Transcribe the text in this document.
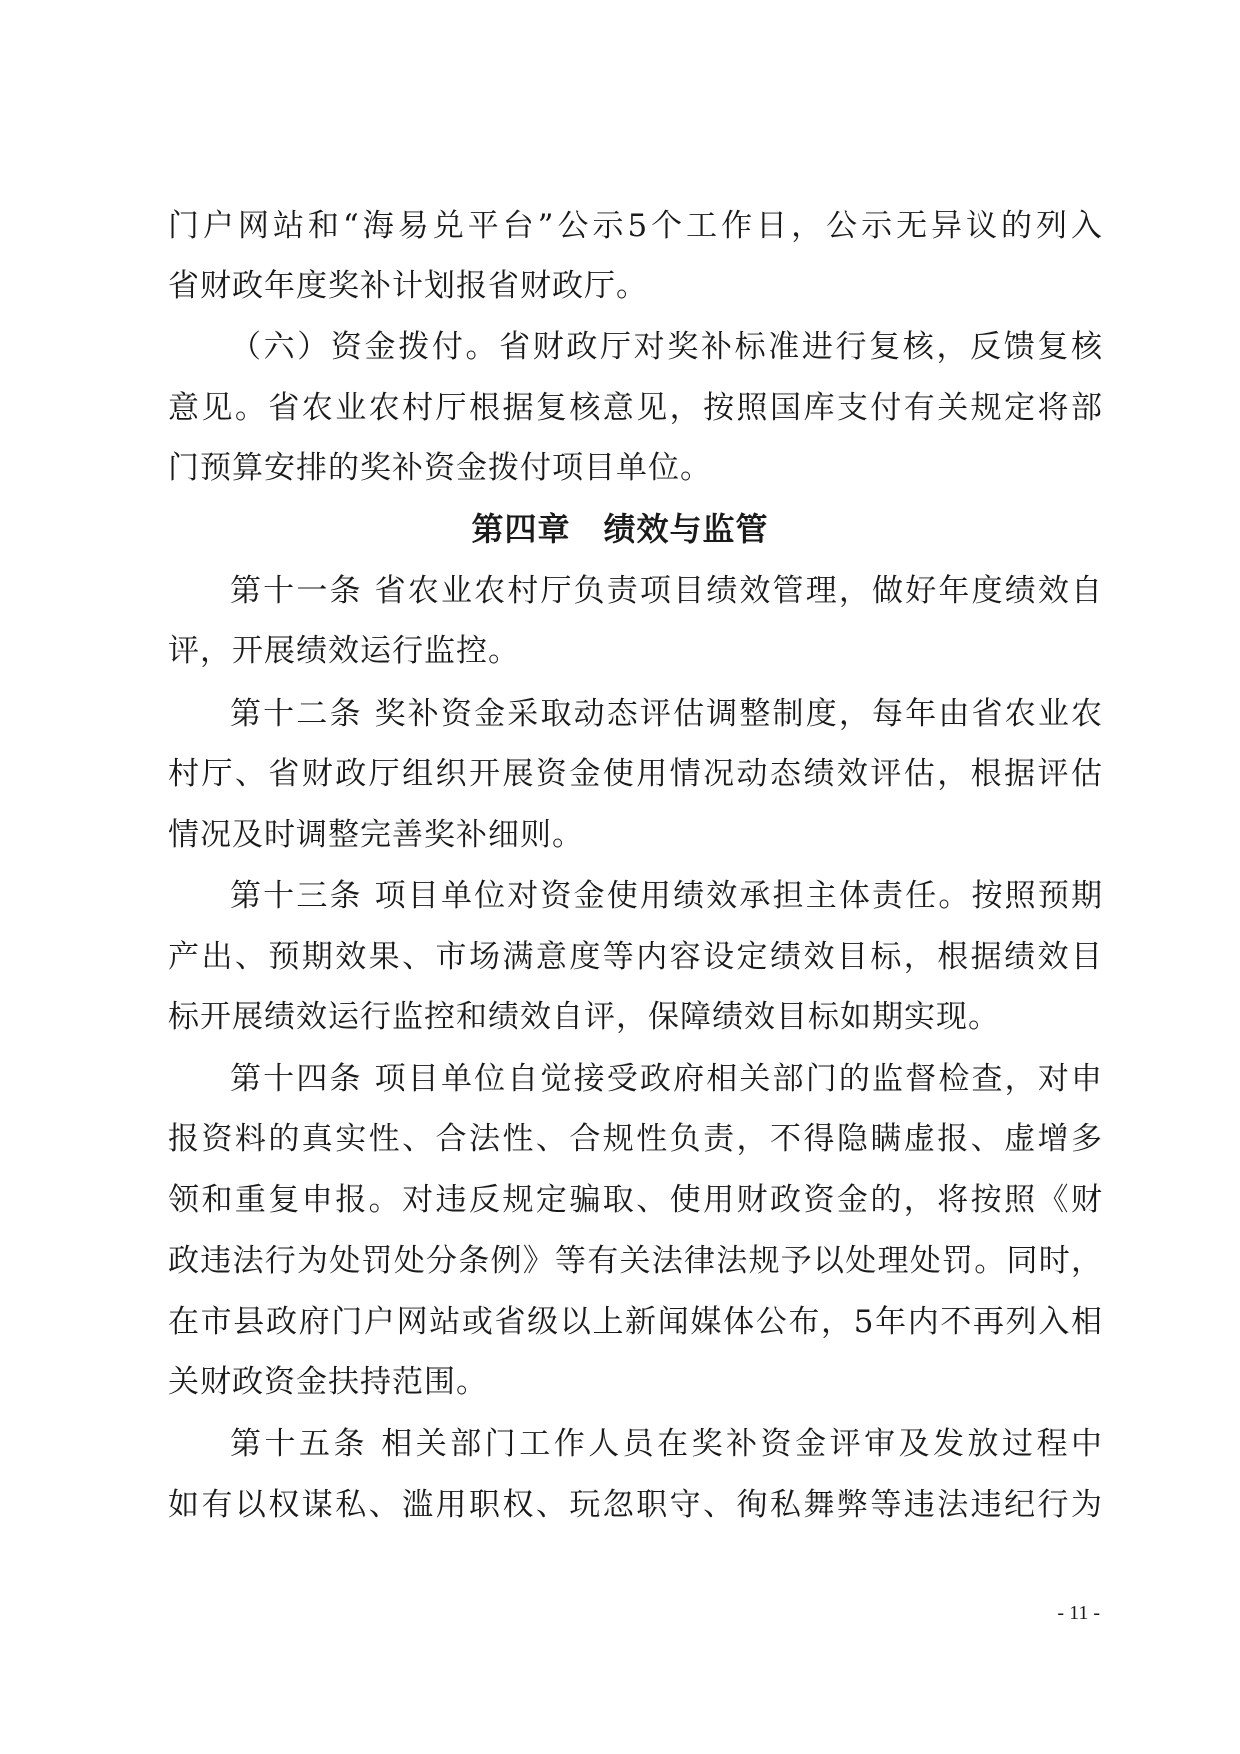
门户网站和“海易兑平台”公示5个工作日，公示无异议的列入
省财政年度奖补计划报省财政厅。
（六）资金拨付。省财政厅对奖补标准进行复核，反馈复核
意见。省农业农村厅根据复核意见，按照国库支付有关规定将部
门预算安排的奖补资金拨付项目单位。
第四章　绩效与监管
第十一条 省农业农村厅负责项目绩效管理，做好年度绩效自
评，开展绩效运行监控。
第十二条 奖补资金采取动态评估调整制度，每年由省农业农
村厅、省财政厅组织开展资金使用情况动态绩效评估，根据评估
情况及时调整完善奖补细则。
第十三条 项目单位对资金使用绩效承担主体责任。按照预期
产出、预期效果、市场满意度等内容设定绩效目标，根据绩效目
标开展绩效运行监控和绩效自评，保障绩效目标如期实现。
第十四条 项目单位自觉接受政府相关部门的监督检查，对申
报资料的真实性、合法性、合规性负责，不得隐瞒虚报、虚增多
领和重复申报。对违反规定骗取、使用财政资金的，将按照《财
政违法行为处罚处分条例》等有关法律法规予以处理处罚。同时，
在市县政府门户网站或省级以上新闻媒体公布，5年内不再列入相
关财政资金扶持范围。
第十五条 相关部门工作人员在奖补资金评审及发放过程中
如有以权谋私、滥用职权、玩忽职守、徇私舞弊等违法违纪行为
- 11 -
